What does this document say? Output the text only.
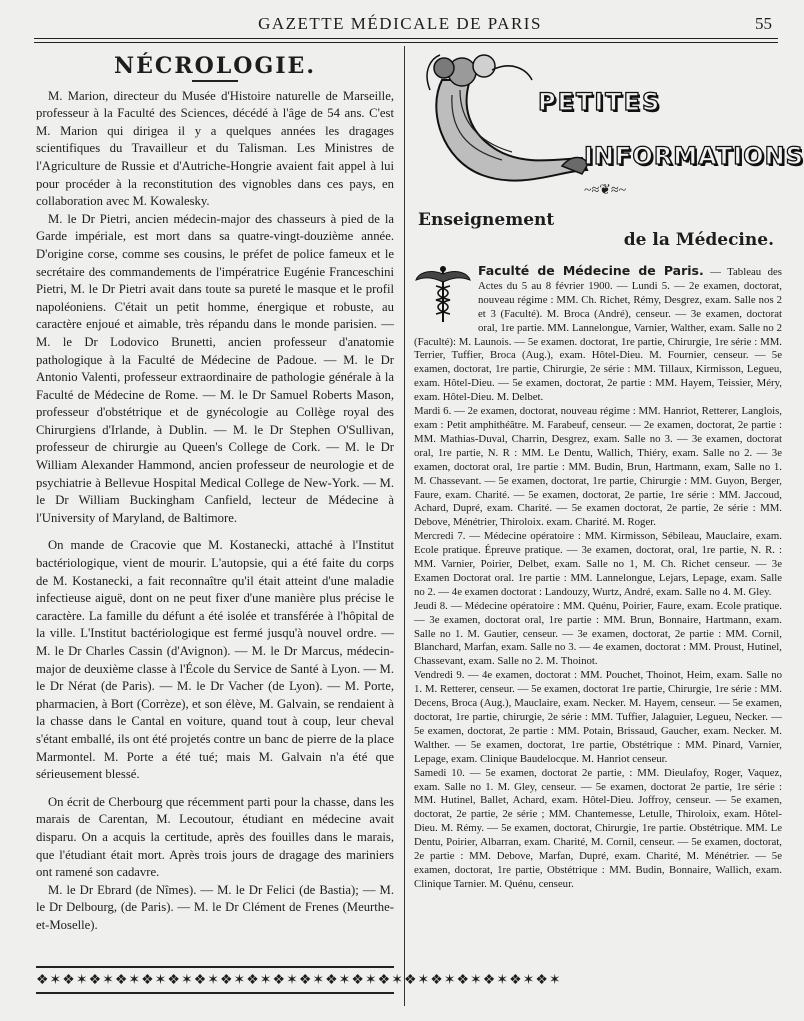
GAZETTE MÉDICALE DE PARIS	55
NÉCROLOGIE.

M. Marion, directeur du Musée d'Histoire naturelle de Marseille, professeur à la Faculté des Sciences, décédé à l'âge de 54 ans. C'est M. Marion qui dirigea il y a quelques années les dragages scientifiques du Travailleur et du Talisman. Les Ministres de l'Agriculture de Russie et d'Autriche-Hongrie avaient fait appel à lui pour procéder à la reconstitution des vignobles dans ces pays, en collaboration avec M. Kowalesky.

M. le Dr Pietri, ancien médecin-major des chasseurs à pied de la Garde impériale, est mort dans sa quatre-vingt-douzième année. D'origine corse, comme ses cousins, le préfet de police fameux et le secrétaire des commandements de l'impératrice Eugénie Franceschini Pietri, M. le Dr Pietri avait dans toute sa pureté le masque et le profil napoléoniens. C'était un petit homme, énergique et robuste, au caractère enjoué et aimable, très répandu dans le monde parisien. — M. le Dr Lodovico Brunetti, ancien professeur d'anatomie pathologique à la Faculté de Médecine de Padoue. — M. le Dr Antonio Valenti, professeur extraordinaire de pathologie générale à la Faculté de Médecine de Rome. — M. le Dr Samuel Roberts Mason, professeur d'obstétrique et de gynécologie au Collège royal des Chirurgiens d'Irlande, à Dublin. — M. le Dr Stephen O'Sullivan, professeur de chirurgie au Queen's College de Cork. — M. le Dr William Alexander Hammond, ancien professeur de neurologie et de psychiatrie à Bellevue Hospital Medical College de New-York. — M. le Dr William Buckingham Canfield, lecteur de Médecine à l'University of Maryland, de Baltimore.

On mande de Cracovie que M. Kostanecki, attaché à l'Institut bactériologique, vient de mourir. L'autopsie, qui a été faite du corps de M. Kostanecki, a fait reconnaître qu'il était atteint d'une maladie infectieuse aiguë, dont on ne peut fixer d'une manière plus précise le caractère. La famille du défunt a été isolée et transférée à l'hôpital de la ville. L'Institut bactériologique est fermé jusqu'à nouvel ordre. — M. le Dr Charles Cassin (d'Avignon). — M. le Dr Marcus, médecin-major de deuxième classe à l'École du Service de Santé à Lyon. — M. le Dr Nérat (de Paris). — M. le Dr Vacher (de Lyon). — M. Porte, pharmacien, à Bort (Corrèze), et son élève, M. Galvain, se rendaient à la chasse dans le Cantal en voiture, quand tout à coup, leur cheval s'étant emballé, ils ont été projetés contre un banc de pierre de la place Marmontel. M. Porte a été tué; mais M. Galvain n'a été que sérieusement blessé.

On écrit de Cherbourg que récemment parti pour la chasse, dans les marais de Carentan, M. Lecoutour, étudiant en médecine avait disparu. On a acquis la certitude, après des fouilles dans le marais, que l'étudiant était mort. Après trois jours de dragage des mariniers ont ramené son cadavre.

M. le Dr Ebrard (de Nîmes). — M. le Dr Felici (de Bastia); — M. le Dr Delbourg, (de Paris). — M. le Dr Clément de Frenes (Meurthe-et-Moselle).

❖✶❖✶❖✶❖✶❖✶❖✶❖✶❖✶❖✶❖✶❖✶❖✶❖✶❖✶❖✶❖✶❖✶❖✶❖✶❖✶
PETITES
INFORMATIONS
~≈❦≈~
Enseignement
de la Médecine.

Faculté de Médecine de Paris. — Tableau des Actes du 5 au 8 février 1900. — Lundi 5. — 2e examen, doctorat, nouveau régime : MM. Ch. Richet, Rémy, Desgrez, exam. Salle nos 2 et 3 (Faculté). M. Broca (André), censeur. — 3e examen, doctorat oral, 1re partie. MM. Lannelongue, Varnier, Walther, exam. Salle no 2 (Faculté): M. Launois. — 5e examen. doctorat, 1re partie, Chirurgie, 1re série : MM. Terrier, Tuffier, Broca (Aug.), exam. Hôtel-Dieu. M. Fournier, censeur. — 5e examen, doctorat, 1re partie, Chirurgie, 2e série : MM. Tillaux, Kirmisson, Legueu, exam. Hôtel-Dieu. — 5e examen, doctorat, 2e partie : MM. Hayem, Teissier, Méry, exam. Hôtel-Dieu. M. Delbet.

Mardi 6. — 2e examen, doctorat, nouveau régime : MM. Hanriot, Retterer, Langlois, exam : Petit amphithéâtre. M. Farabeuf, censeur. — 2e examen, doctorat, 2e partie : MM. Mathias-Duval, Charrin, Desgrez, exam. Salle no 3. — 3e examen, doctorat oral, 1re partie, N. R : MM. Le Dentu, Wallich, Thiéry, exam. Salle no 2. — 3e examen, doctorat oral, 1re partie : MM. Budin, Brun, Hartmann, exam, Salle no 1. M. Chassevant. — 5e examen, doctorat, 1re partie, Chirurgie : MM. Guyon, Berger, Faure, exam. Charité. — 5e examen, doctorat, 2e partie, 1re série : MM. Jaccoud, Achard, Dupré, exam. Charité. — 5e examen doctorat, 2e partie, 2e série : MM. Debove, Ménétrier, Thiroloix. exam. Charité. M. Roger.

Mercredi 7. — Médecine opératoire : MM. Kirmisson, Sébileau, Mauclaire, exam. Ecole pratique. Épreuve pratique. — 3e examen, doctorat, oral, 1re partie, N. R. : MM. Varnier, Poirier, Delbet, exam. Salle no 1, M. Ch. Richet censeur. — 3e Examen Doctorat oral. 1re partie : MM. Lannelongue, Lejars, Lepage, exam. Salle no 2. — 4e examen doctorat : Landouzy, Wurtz, André, exam. Salle no 4. M. Gley.

Jeudi 8. — Médecine opératoire : MM. Quénu, Poirier, Faure, exam. Ecole pratique. — 3e examen, doctorat oral, 1re partie : MM. Brun, Bonnaire, Hartmann, exam. Salle no 1. M. Gautier, censeur. — 3e examen, doctorat, 2e partie : MM. Cornil, Blanchard, Marfan, exam. Salle no 3. — 4e examen, doctorat : MM. Proust, Hutinel, Chassevant, exam. Salle no 2. M. Thoinot.

Vendredi 9. — 4e examen, doctorat : MM. Pouchet, Thoinot, Heim, exam. Salle no 1. M. Retterer, censeur. — 5e examen, doctorat 1re partie, Chirurgie, 1re série : MM. Decens, Broca (Aug.), Mauclaire, exam. Necker. M. Hayem, censeur. — 5e examen, doctorat, 1re partie, chirurgie, 2e série : MM. Tuffier, Jalaguier, Legueu, Necker. — 5e examen, doctorat, 2e partie : MM. Potain, Brissaud, Gaucher, exam. Necker. M. Walther. — 5e examen, doctorat, 1re partie, Obstétrique : MM. Pinard, Varnier, Lepage, exam. Clinique Baudelocque. M. Hanriot censeur.

Samedi 10. — 5e examen, doctorat 2e partie, : MM. Dieulafoy, Roger, Vaquez, exam. Salle no 1. M. Gley, censeur. — 5e examen, doctorat 2e partie, 1re série : MM. Hutinel, Ballet, Achard, exam. Hôtel-Dieu. Joffroy, censeur. — 5e examen, doctorat, 2e partie, 2e série ; MM. Chantemesse, Letulle, Thiroloix, exam. Hôtel-Dieu. M. Rémy. — 5e examen, doctorat, Chirurgie, 1re partie. Obstétrique. MM. Le Dentu, Poirier, Albarran, exam. Charité, M. Cornil, censeur. — 5e examen, doctorat, 2e partie : MM. Debove, Marfan, Dupré, exam. Charité, M. Ménétrier. — 5e examen, doctorat, 1re partie, Obstétrique : MM. Budin, Bonnaire, Wallich, exam. Clinique Tarnier. M. Quénu, censeur.
